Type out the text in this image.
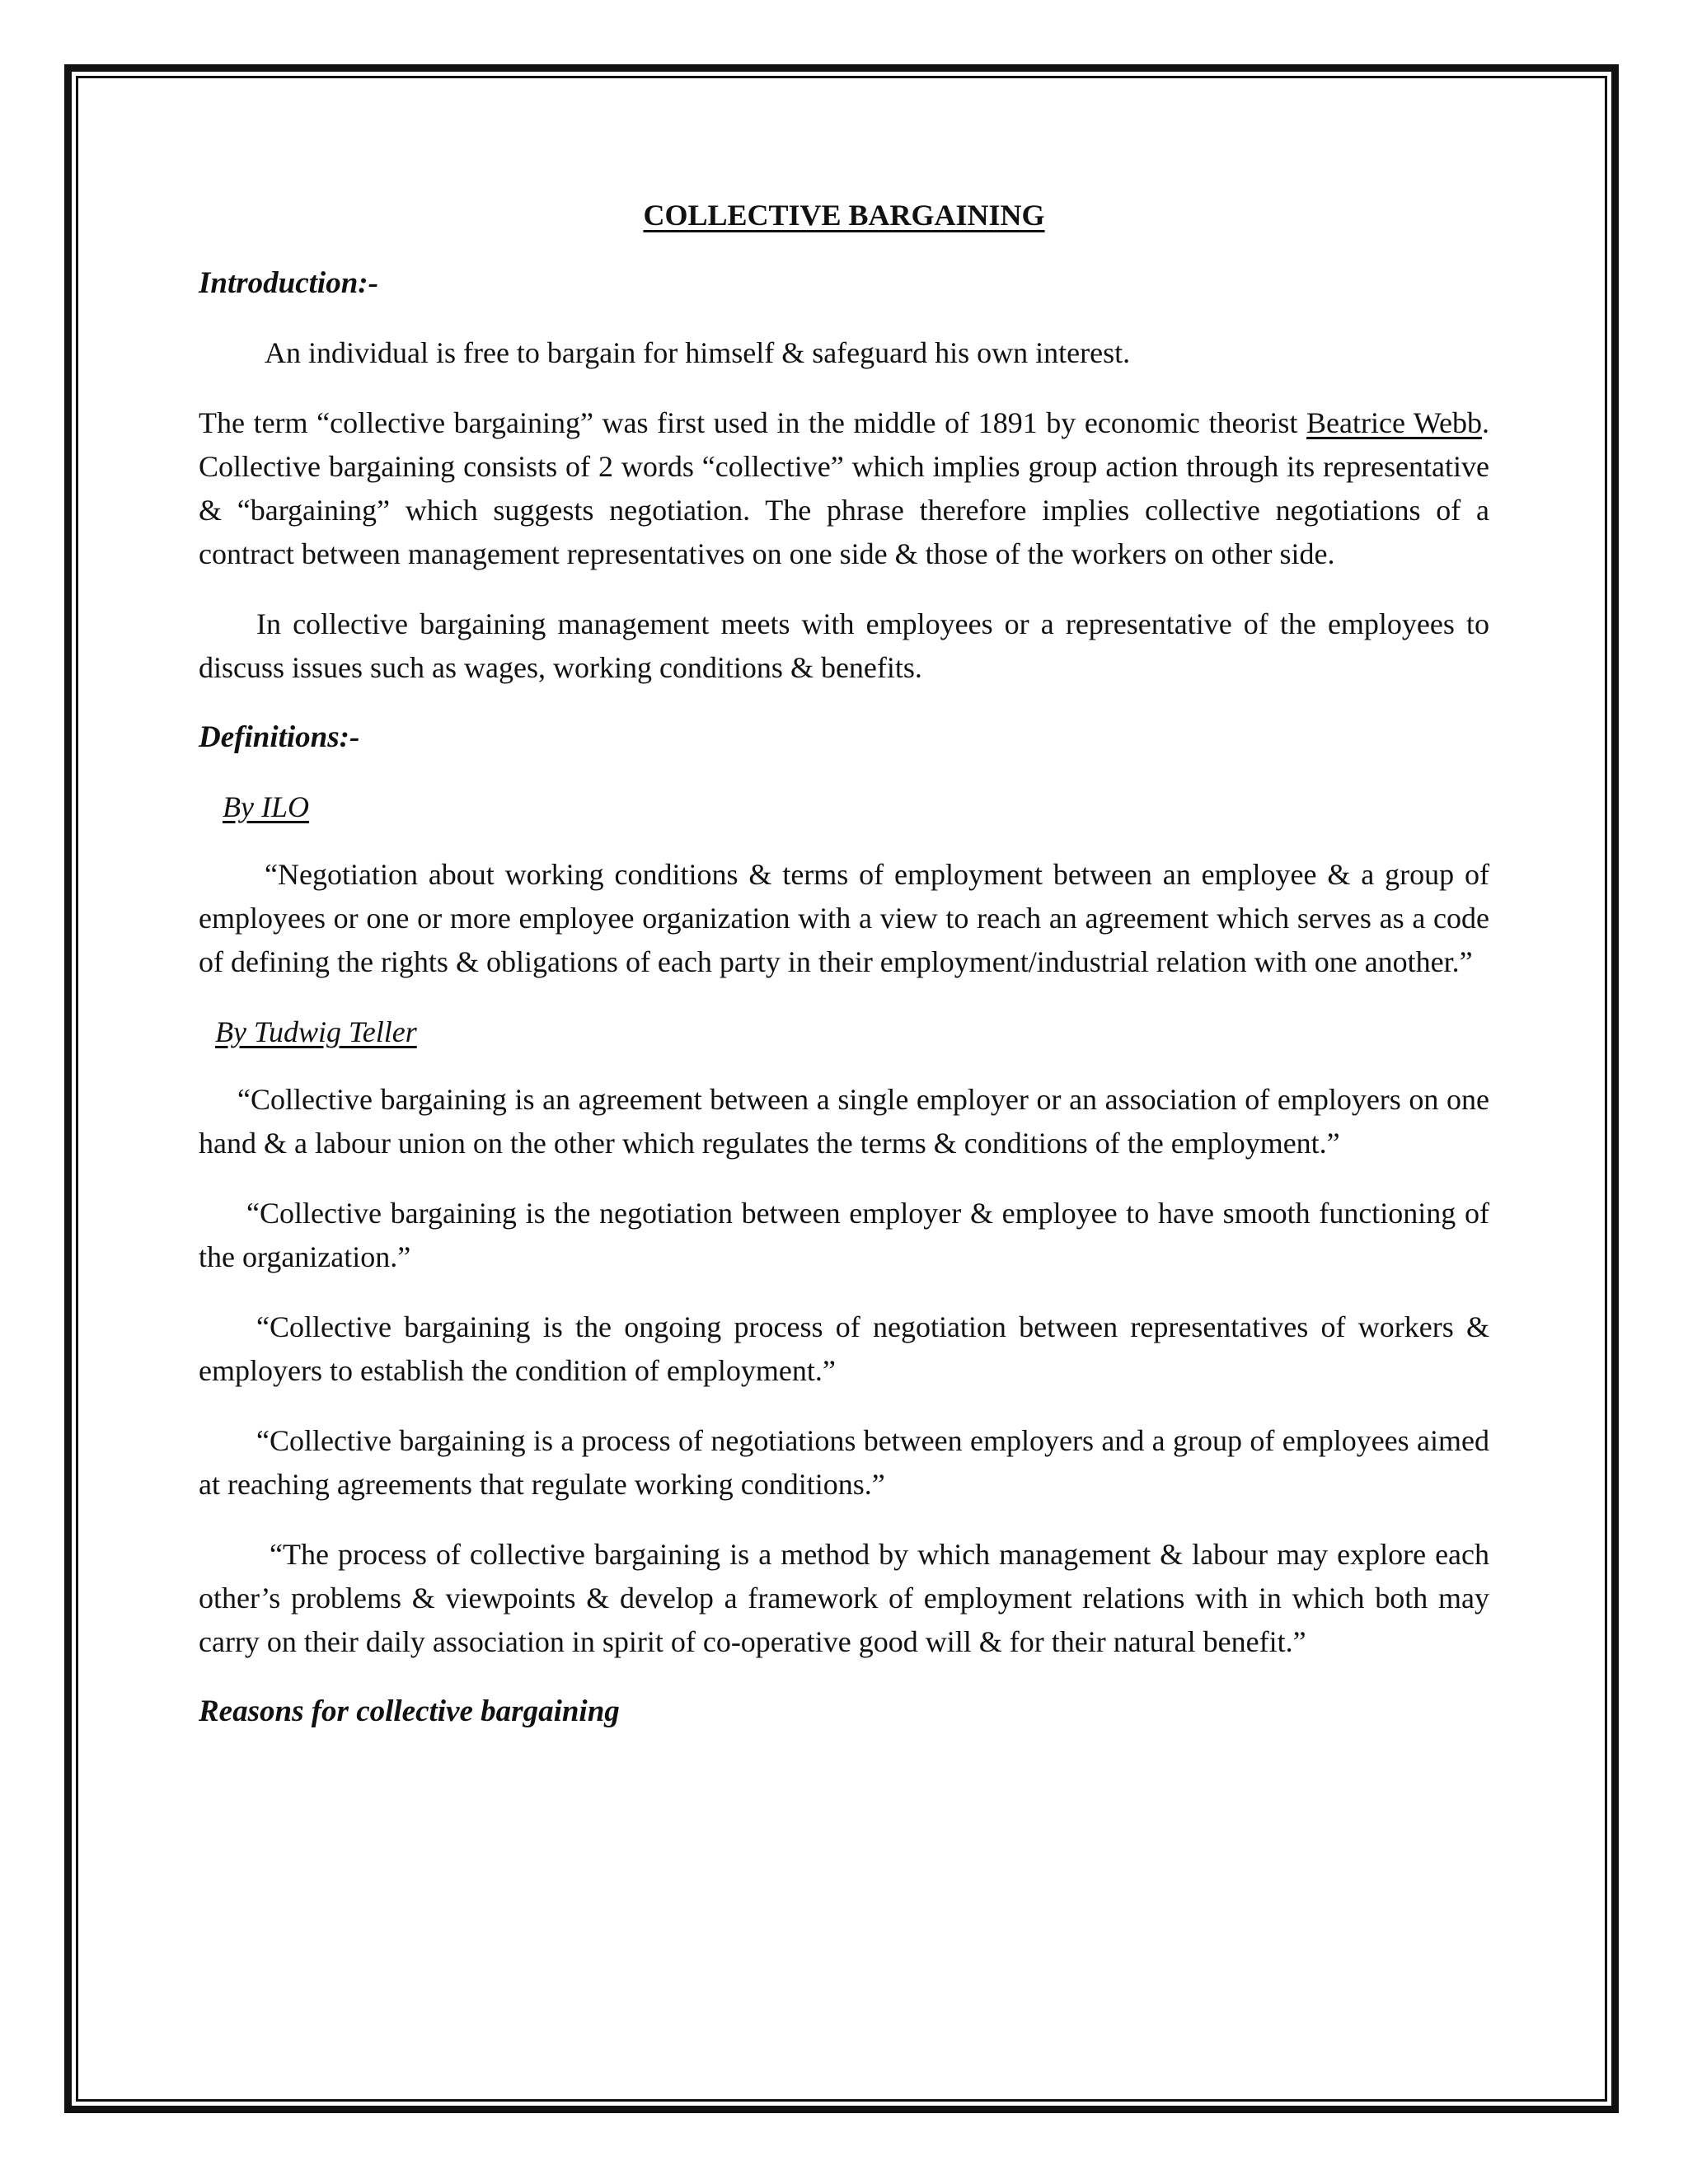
COLLECTIVE BARGAINING
Introduction:-

An individual is free to bargain for himself & safeguard his own interest.

The term “collective bargaining” was first used in the middle of 1891 by economic theorist Beatrice Webb. Collective bargaining consists of 2 words “collective” which implies group action through its representative & “bargaining” which suggests negotiation. The phrase therefore implies collective negotiations of a contract between management representatives on one side & those of the workers on other side.

In collective bargaining management meets with employees or a representative of the employees to discuss issues such as wages, working conditions & benefits.

Definitions:-
By ILO

“Negotiation about working conditions & terms of employment between an employee & a group of employees or one or more employee organization with a view to reach an agreement which serves as a code of defining the rights & obligations of each party in their employment/industrial relation with one another.”

By Tudwig Teller

“Collective bargaining is an agreement between a single employer or an association of employers on one hand & a labour union on the other which regulates the terms & conditions of the employment.”

“Collective bargaining is the negotiation between employer & employee to have smooth functioning of the organization.”

“Collective bargaining is the ongoing process of negotiation between representatives of workers & employers to establish the condition of employment.”

“Collective bargaining is a process of negotiations between employers and a group of employees aimed at reaching agreements that regulate working conditions.”

“The process of collective bargaining is a method by which management & labour may explore each other’s problems & viewpoints & develop a framework of employment relations with in which both may carry on their daily association in spirit of co-operative good will & for their natural benefit.”

Reasons for collective bargaining
